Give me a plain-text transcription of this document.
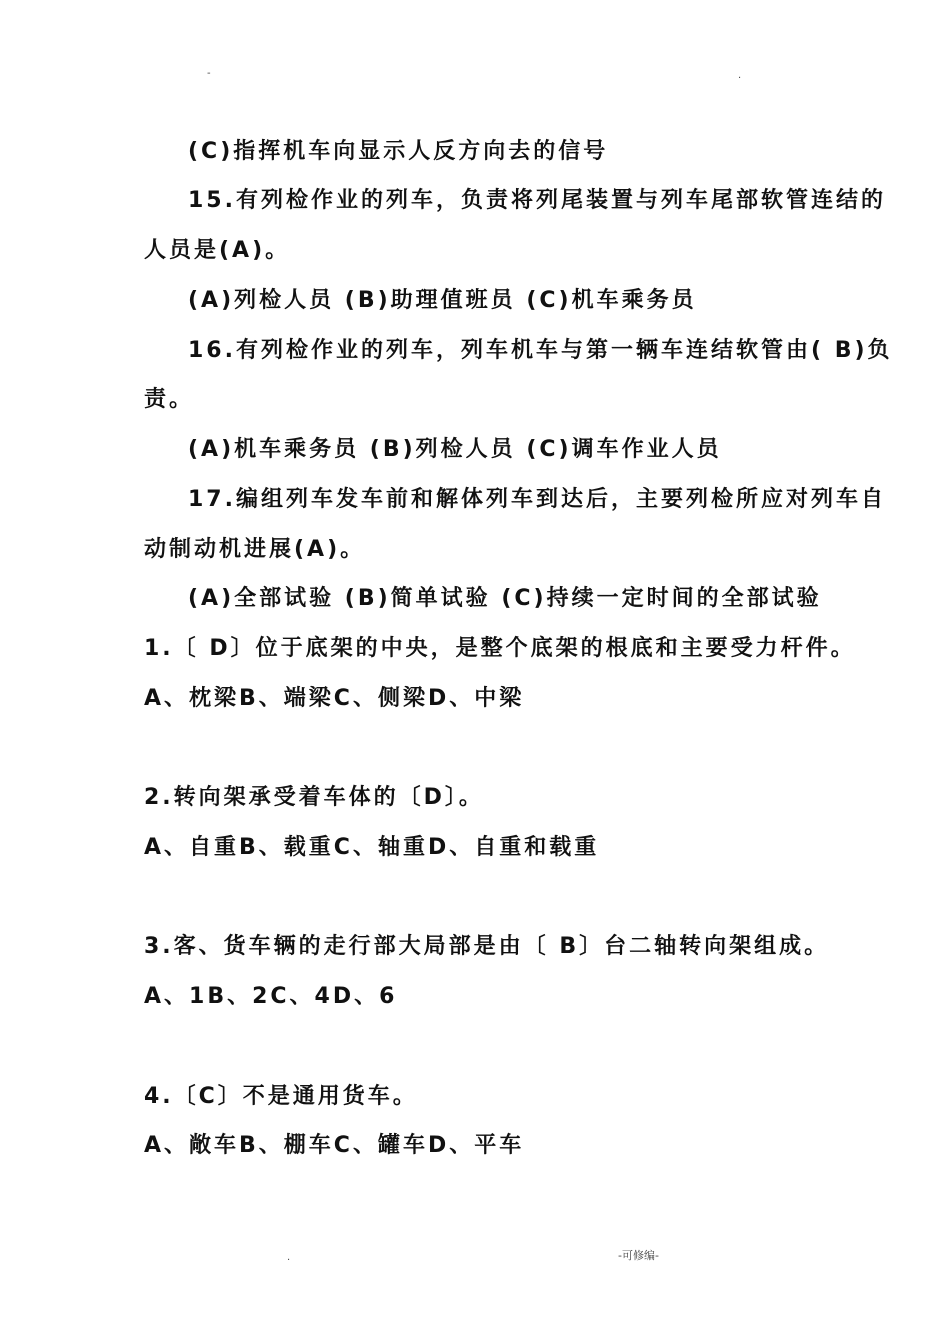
-	.

(C)指挥机车向显示人反方向去的信号

15.有列检作业的列车，负责将列尾装置与列车尾部软管连结的

人员是(A)。

(A)列检人员 (B)助理值班员 (C)机车乘务员

16.有列检作业的列车，列车机车与第一辆车连结软管由( B)负

责。

(A)机车乘务员 (B)列检人员 (C)调车作业人员

17.编组列车发车前和解体列车到达后，主要列检所应对列车自

动制动机进展(A)。

(A)全部试验 (B)简单试验 (C)持续一定时间的全部试验

1.〔 D〕位于底架的中央，是整个底架的根底和主要受力杆件。

A、枕梁B、端梁C、侧梁D、中梁

2.转向架承受着车体的〔D〕。

A、自重B、载重C、轴重D、自重和载重

3.客、货车辆的走行部大局部是由〔 B〕台二轴转向架组成。

A、1B、2C、4D、6

4.〔C〕不是通用货车。

A、敞车B、棚车C、罐车D、平车

.	-可修编-
